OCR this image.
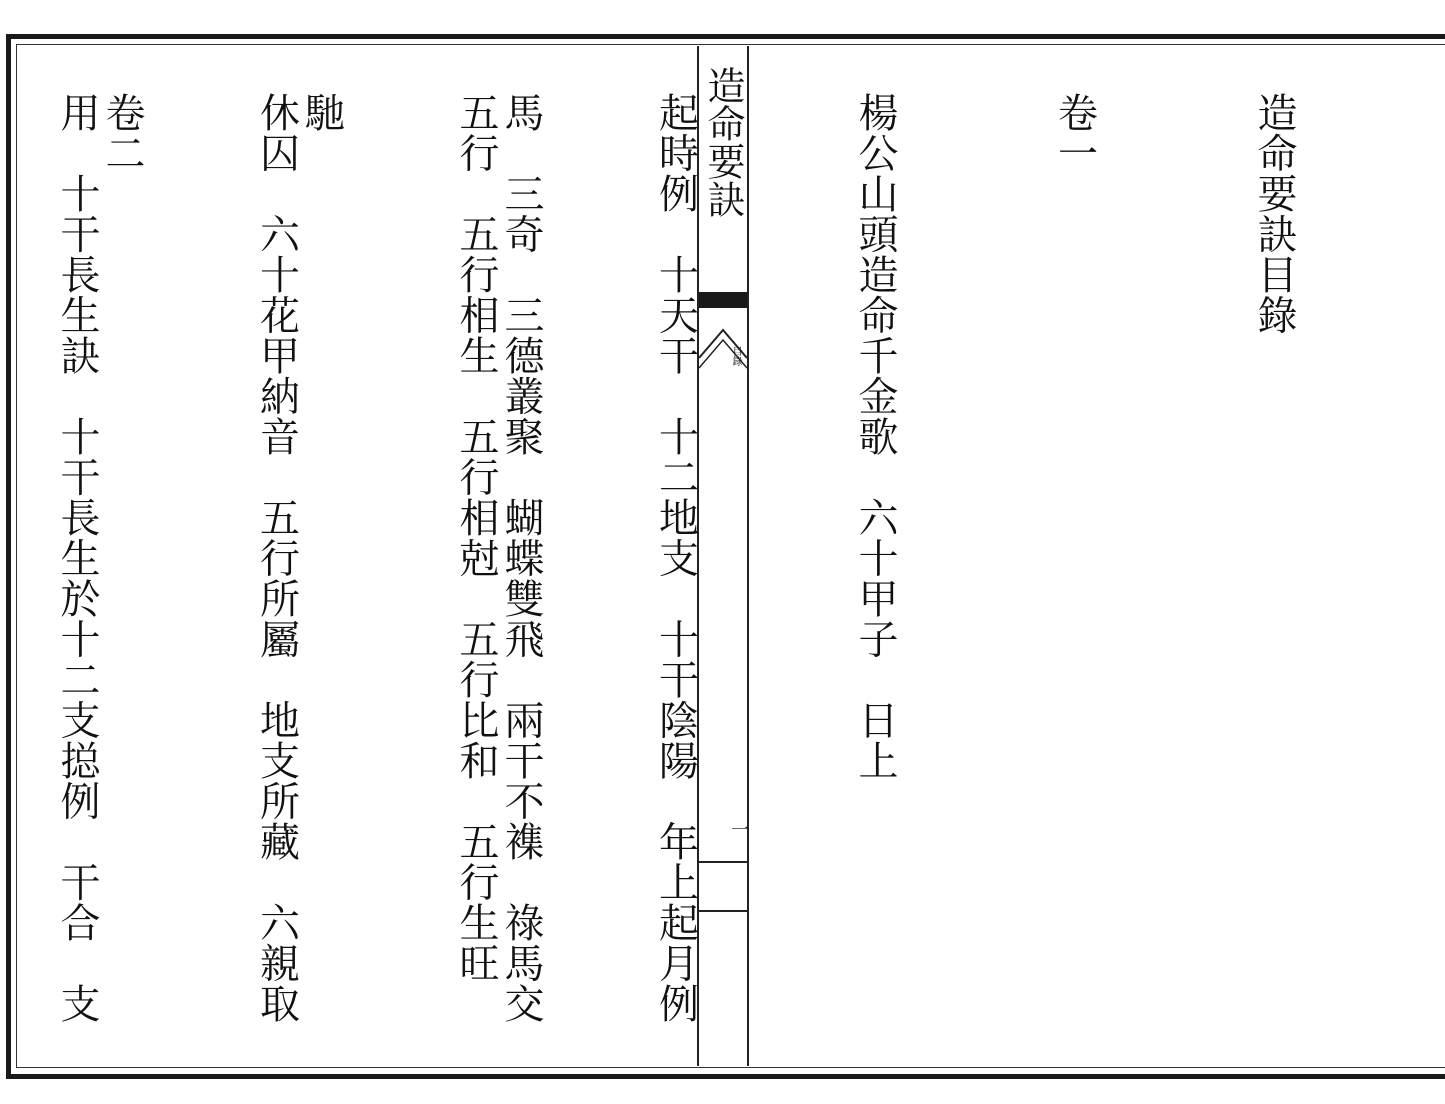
造命要訣
目錄
一

造命要訣目錄

卷一

楊公山頭造命千金歌　六十甲子　日上

起時例　十天干　十二地支　十干陰陽　年上起月例

五行　五行相生　五行相尅　五行比和　五行生旺

休囚　六十花甲納音　五行所屬　地支所藏　六親取

用　十干長生訣　十干長生於十二支搃例　干合　支

	馬　三奇　三德叢聚　蝴蝶雙飛　兩干不襍　祿馬交

馳

卷二
